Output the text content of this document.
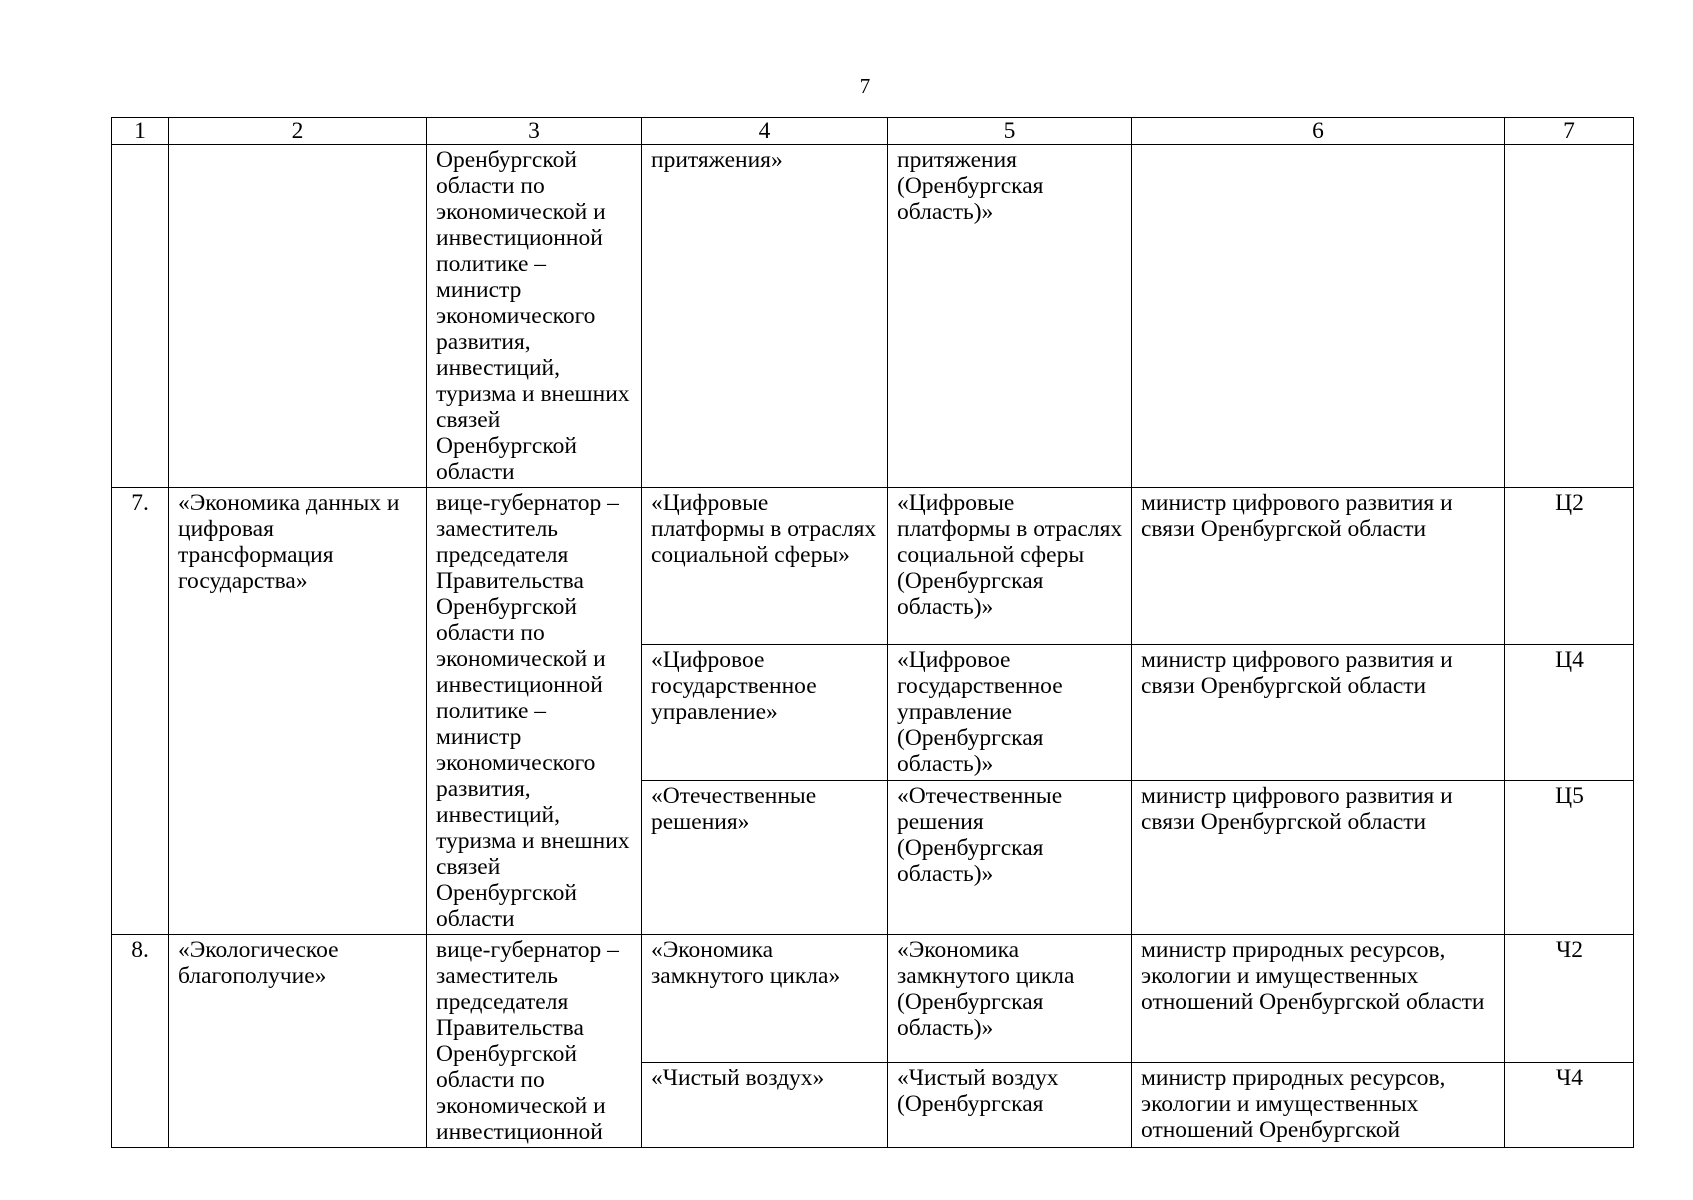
7
1	2	3	4	5	6	7
		Оренбургской области по экономической и инвестиционной политике – министр экономического развития, инвестиций, туризма и внешних связей Оренбургской области	притяжения»	притяжения (Оренбургская область)»		
7.	«Экономика данных и цифровая трансформация государства»	вице-губернатор – заместитель председателя Правительства Оренбургской области по экономической и инвестиционной политике – министр экономического развития, инвестиций, туризма и внешних связей Оренбургской области	«Цифровые платформы в отраслях социальной сферы»	«Цифровые платформы в отраслях социальной сферы (Оренбургская область)»	министр цифрового развития и связи Оренбургской области	Ц2
			«Цифровое государственное управление»	«Цифровое государственное управление (Оренбургская область)»	министр цифрового развития и связи Оренбургской области	Ц4
			«Отечественные решения»	«Отечественные решения (Оренбургская область)»	министр цифрового развития и связи Оренбургской области	Ц5
8.	«Экологическое благополучие»	вице-губернатор – заместитель председателя Правительства Оренбургской области по экономической и инвестиционной	«Экономика замкнутого цикла»	«Экономика замкнутого цикла (Оренбургская область)»	министр природных ресурсов, экологии и имущественных отношений Оренбургской области	Ч2
			«Чистый воздух»	«Чистый воздух (Оренбургская	министр природных ресурсов, экологии и имущественных отношений Оренбургской	Ч4
